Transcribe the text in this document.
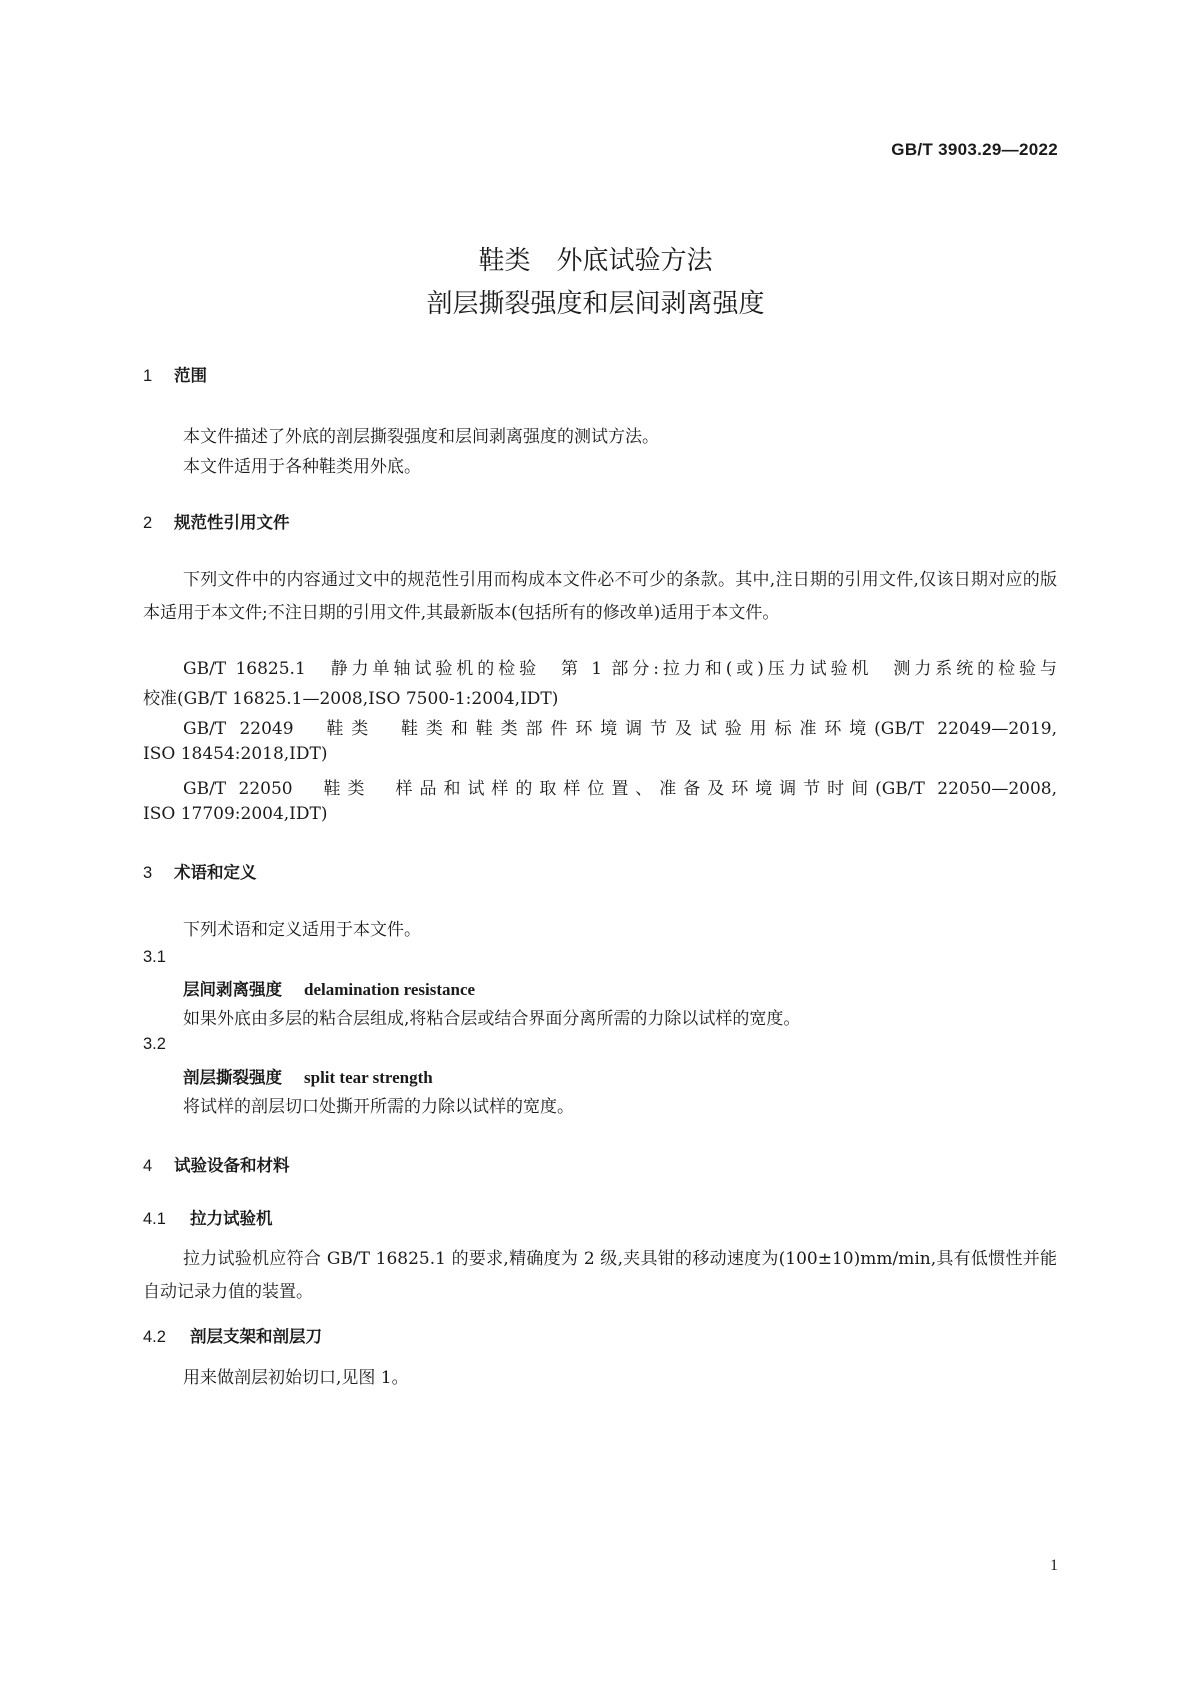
GB/T 3903.29—2022
鞋类　外底试验方法
剖层撕裂强度和层间剥离强度
1 范围
本文件描述了外底的剖层撕裂强度和层间剥离强度的测试方法。
本文件适用于各种鞋类用外底。
2 规范性引用文件
下列文件中的内容通过文中的规范性引用而构成本文件必不可少的条款。其中,注日期的引用文件,仅该日期对应的版本适用于本文件;不注日期的引用文件,其最新版本(包括所有的修改单)适用于本文件。
GB/T 16825.1　静力单轴试验机的检验　第 1 部分:拉力和(或)压力试验机　测力系统的检验与
校准(GB/T 16825.1—2008,ISO 7500-1:2004,IDT)
GB/T 22049　鞋类　鞋类和鞋类部件环境调节及试验用标准环境(GB/T 22049—2019,
ISO 18454:2018,IDT)
GB/T 22050　鞋类　样品和试样的取样位置、准备及环境调节时间(GB/T 22050—2008,
ISO 17709:2004,IDT)
3 术语和定义
下列术语和定义适用于本文件。
3.1
层间剥离强度 delamination resistance
如果外底由多层的粘合层组成,将粘合层或结合界面分离所需的力除以试样的宽度。
3.2
剖层撕裂强度 split tear strength
将试样的剖层切口处撕开所需的力除以试样的宽度。
4 试验设备和材料
4.1 拉力试验机
拉力试验机应符合 GB/T 16825.1 的要求,精确度为 2 级,夹具钳的移动速度为(100±10)mm/min,具有低惯性并能自动记录力值的装置。
4.2 剖层支架和剖层刀
用来做剖层初始切口,见图 1。
1
